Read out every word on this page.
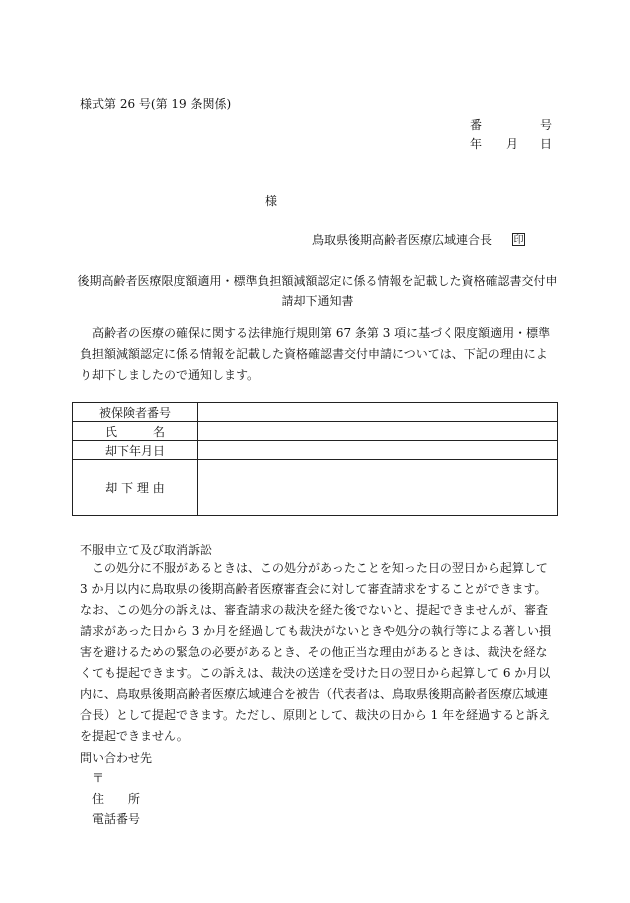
様式第 26 号(第 19 条関係)
番	号
年 月 日
様
鳥取県後期高齢者医療広域連合長 印
後期高齢者医療限度額適用・標準負担額減額認定に係る情報を記載した資格確認書交付申
請却下通知書
高齢者の医療の確保に関する法律施行規則第 67 条第 3 項に基づく限度額適用・標準負担額減額認定に係る情報を記載した資格確認書交付申請については、下記の理由により却下しましたので通知します。
被保険者番号	
氏　　　名	
却下年月日	
却 下 理 由	
不服申立て及び取消訴訟
この処分に不服があるときは、この処分があったことを知った日の翌日から起算して 3 か月以内に鳥取県の後期高齢者医療審査会に対して審査請求をすることができます。なお、この処分の訴えは、審査請求の裁決を経た後でないと、提起できませんが、審査請求があった日から 3 か月を経過しても裁決がないときや処分の執行等による著しい損害を避けるための緊急の必要があるとき、その他正当な理由があるときは、裁決を経なくても提起できます。この訴えは、裁決の送達を受けた日の翌日から起算して 6 か月以内に、鳥取県後期高齢者医療広域連合を被告（代表者は、鳥取県後期高齢者医療広域連合長）として提起できます。ただし、原則として、裁決の日から 1 年を経過すると訴えを提起できません。
問い合わせ先
〒
住　　所
電話番号
